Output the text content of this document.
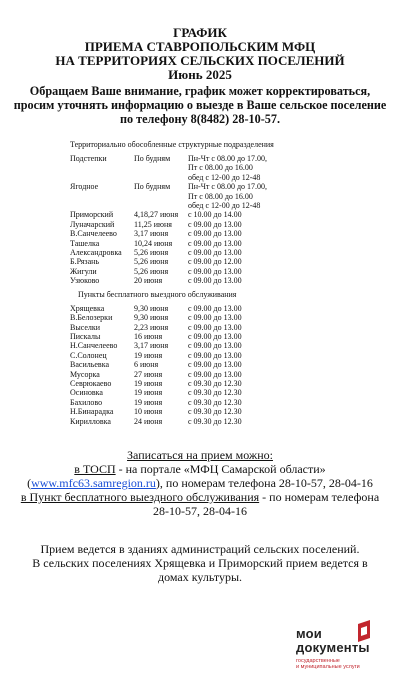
ГРАФИК

ПРИЕМА СТАВРОПОЛЬСКИМ МФЦ

НА ТЕРРИТОРИЯХ СЕЛЬСКИХ ПОСЕЛЕНИЙ

Июнь 2025

Обращаем Ваше внимание, график может корректироваться, просим уточнять информацию о выезде в Ваше сельское поселение по телефону 8(8482) 28-10-57.

Территориально обособленные структурные подразделения
Подстепки	По будням	Пн-Чт с 08.00 до 17.00,
Пт с 08.00 до 16.00
обед с 12-00 до 12-48

Ягодное	По будням	Пн-Чт с 08.00 до 17.00,
Пт с 08.00 до 16.00
обед с 12-00 до 12-48

Приморский	4,18,27 июня	с 10.00 до 14.00

Луначарский	11,25 июня	с 09.00 до 13.00

В.Санчелеево	3,17 июня	с 09.00 до 13.00

Ташелка	10,24 июня	с 09.00 до 13.00

Александровка	5,26 июня	с 09.00 до 13.00

Б.Рязань	5,26 июня	с 09.00 до 12.00

Жигули	5,26 июня	с 09.00 до 13.00

Узюково	20 июня	с 09.00 до 13.00
Пункты бесплатного выездного обслуживания
Хрящевка	9,30 июня	с 09.00 до 13.00
В.Белозерки	9,30 июня	с 09.00 до 13.00
Выселки	2,23 июня	с 09.00 до 13.00
Пискалы	16 июня	с 09.00 до 13.00
Н.Санчелеево	3,17 июня	с 09.00 до 13.00
С.Солонец	19 июня	с 09.00 до 13.00
Васильевка	6 июня	с 09.00 до 13.00
Мусорка	27 июня	с 09.00 до 13.00
Севрюкаево	19 июня	с 09.30 до 12.30
Осиновка	19 июня	с 09.30 до 12.30
Бахилово	19 июня	с 09.30 до 12.30
Н.Бинарадка	10 июня	с 09.30 до 12.30
Кирилловка	24 июня	с 09.30 до 12.30
Записаться на прием можно:
в ТОСП - на портале «МФЦ Самарской области»
(www.mfc63.samregion.ru), по номерам телефона 28-10-57, 28-04-16
в Пункт бесплатного выездного обслуживания - по номерам телефона 28-10-57, 28-04-16
Прием ведется в зданиях администраций сельских поселений.
В сельских поселениях Хрящевка и Приморский прием ведется в домах культуры.
мои
документы
государственные
и муниципальные услуги
